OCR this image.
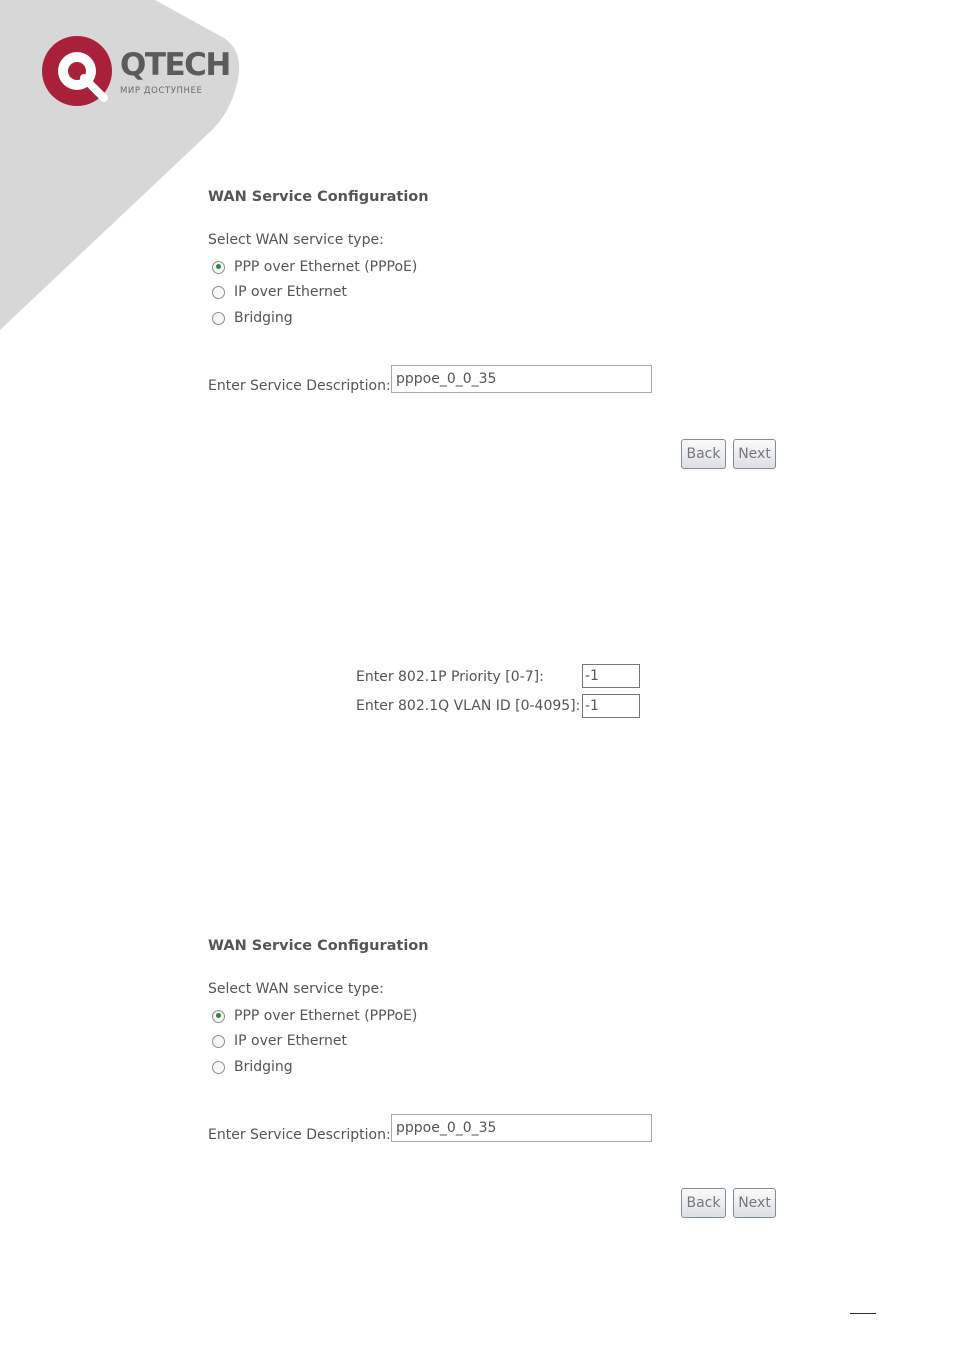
QTECH
МИР ДОСТУПНЕЕ
WAN Service Configuration
Select WAN service type:
PPP over Ethernet (PPPoE)
IP over Ethernet
Bridging
Enter Service Description:
pppoe_0_0_35
Back	Next
Enter 802.1P Priority [0-7]:
-1
Enter 802.1Q VLAN ID [0-4095]:
-1
WAN Service Configuration
Select WAN service type:
PPP over Ethernet (PPPoE)
IP over Ethernet
Bridging
Enter Service Description:
pppoe_0_0_35
Back	Next
